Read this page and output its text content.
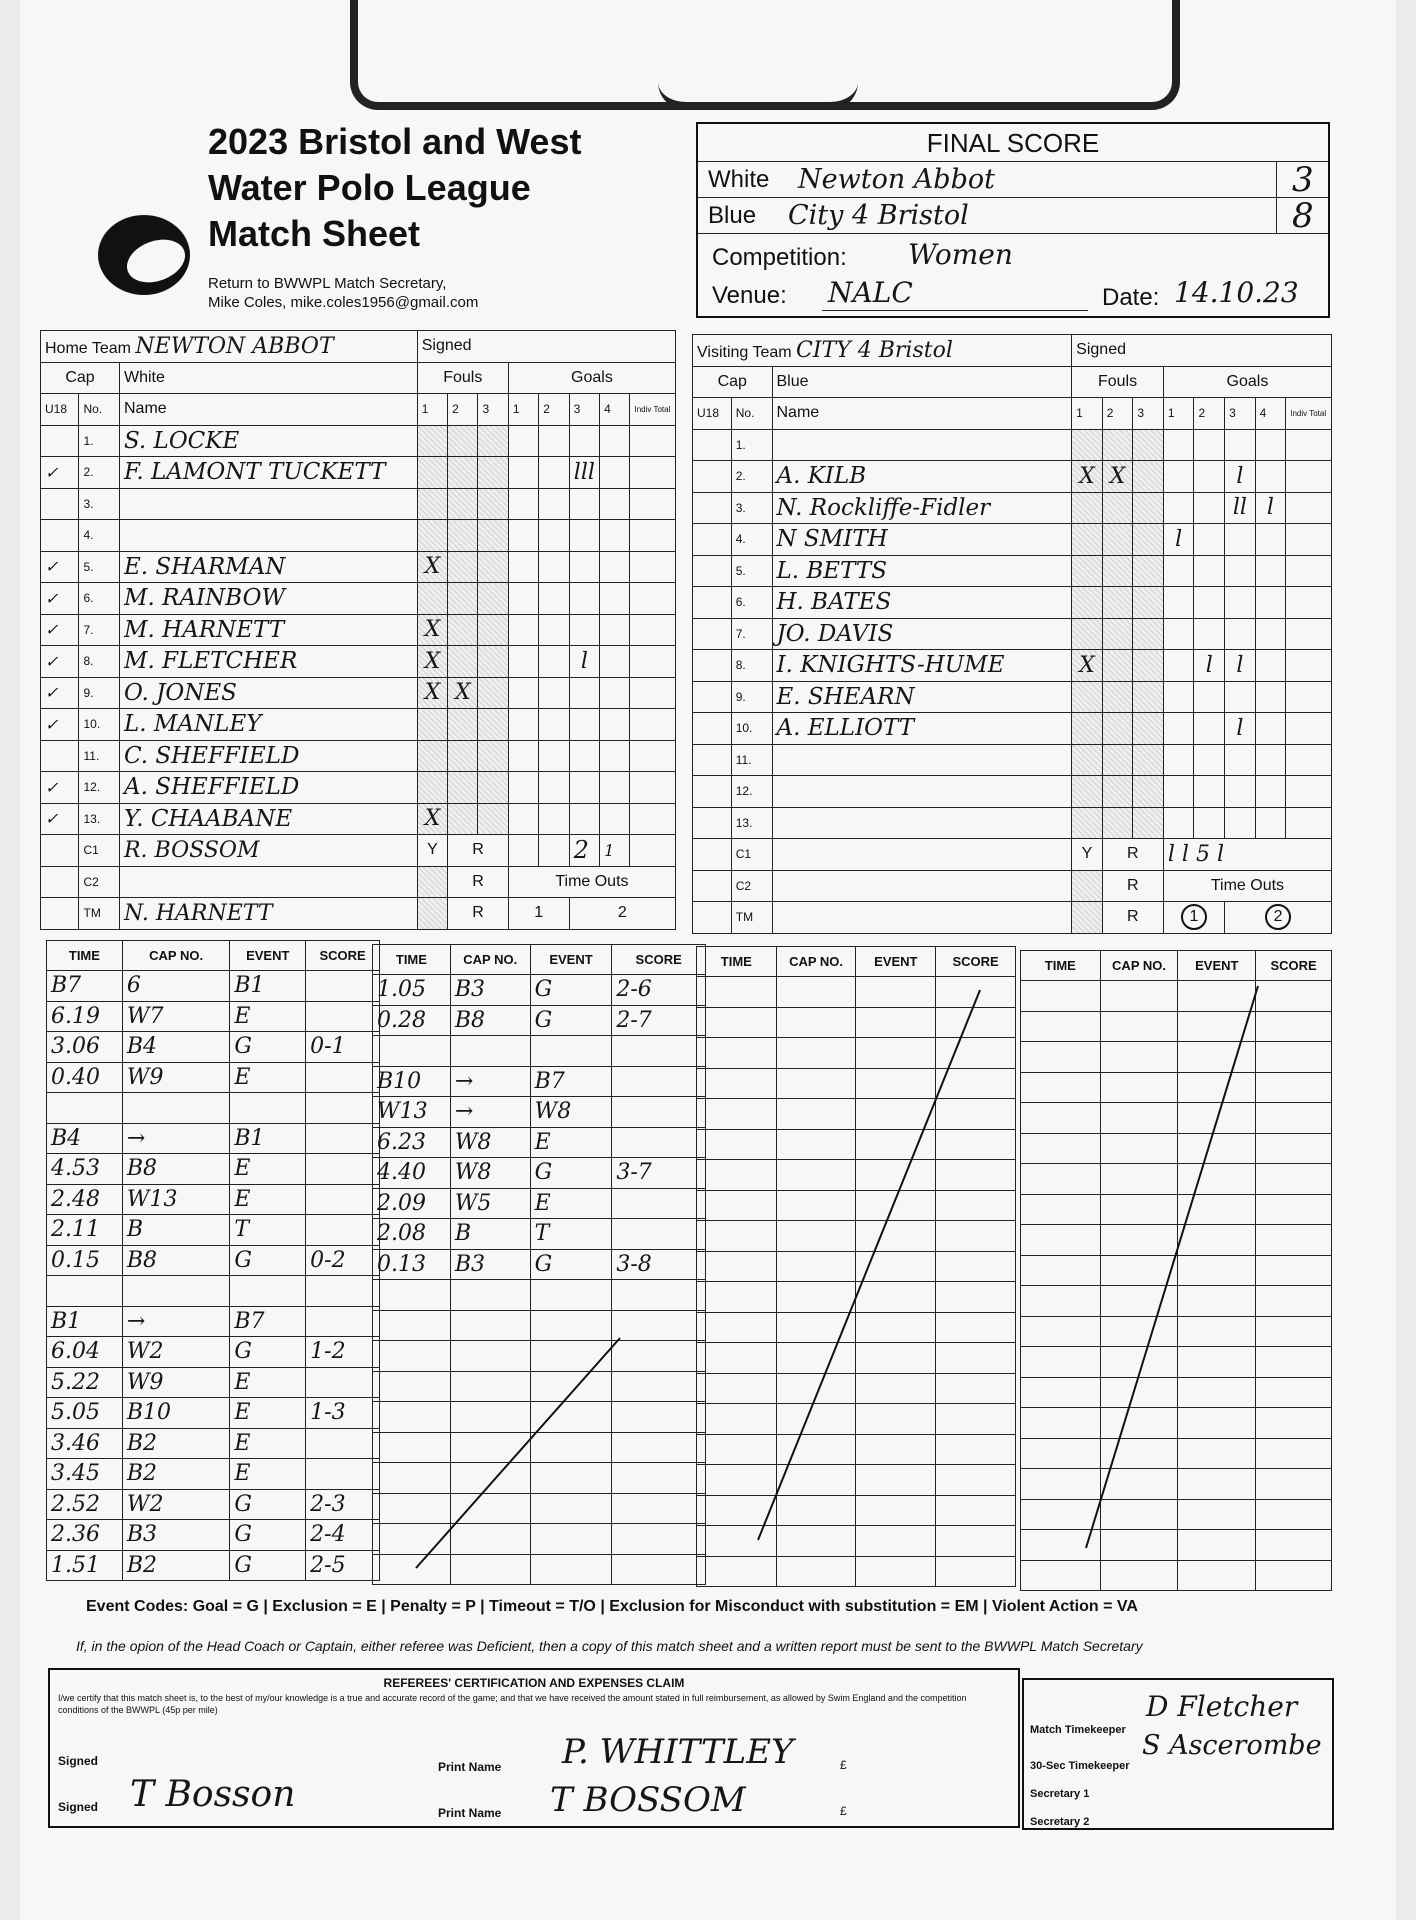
2023 Bristol and West
Water Polo League
Match Sheet
Return to BWWPL Match Secretary,
Mike Coles, mike.coles1956@gmail.com
FINAL SCORE
White Newton Abbot	3
Blue City 4 Bristol	8
Competition: Women
Venue: NALC	Date: 14.10.23
Home Team NEWTON ABBOT			Signed							
Cap		White	Fouls			Goals				
U18	No.	Name	1	2	3	1	2	3	4	Indiv Total
	1.	S. LOCKE								
✓	2.	F. LAMONT TUCKETT						lll		
	3.									
	4.									
✓	5.	E. SHARMAN	X							
✓	6.	M. RAINBOW								
✓	7.	M. HARNETT	X							
✓	8.	M. FLETCHER	X					l		
✓	9.	O. JONES	X	X						
✓	10.	L. MANLEY								
	11.	C. SHEFFIELD								
✓	12.	A. SHEFFIELD								
✓	13.	Y. CHAABANE	X							
	C1	R. BOSSOM	Y	R				2	1	
	C2			R		Time Outs				
	TM	N. HARNETT		R		1		2		
Visiting Team CITY 4 Bristol			Signed							
Cap		Blue	Fouls			Goals				
U18	No.	Name	1	2	3	1	2	3	4	Indiv Total
	1.									
	2.	A. KILB	X	X				l		
	3.	N. Rockliffe-Fidler						ll	l	
	4.	N SMITH				l				
	5.	L. BETTS								
	6.	H. BATES								
	7.	JO. DAVIS								
	8.	I. KNIGHTS-HUME	X				l	l		
	9.	E. SHEARN								
	10.	A. ELLIOTT						l		
	11.									
	12.									
	13.									
	C1		Y	R		l l 5 l				
	C2			R		Time Outs				
	TM			R		1		2		
TIME	CAP NO.	EVENT	SCORE
B7	6	B1	
6.19	W7	E	
3.06	B4	G	0-1
0.40	W9	E	

B4	→	B1	
4.53	B8	E	
2.48	W13	E	
2.11	B	T	
0.15	B8	G	0-2

B1	→	B7	
6.04	W2	G	1-2
5.22	W9	E	
5.05	B10	E	1-3
3.46	B2	E	
3.45	B2	E	
2.52	W2	G	2-3
2.36	B3	G	2-4
1.51	B2	G	2-5
TIME	CAP NO.	EVENT	SCORE
1.05	B3	G	2-6
0.28	B8	G	2-7

B10	→	B7	
W13	→	W8	
6.23	W8	E	
4.40	W8	G	3-7
2.09	W5	E	
2.08	B	T	
0.13	B3	G	3-8

TIME	CAP NO.	EVENT	SCORE

				TIME	CAP NO.	EVENT	SCORE

Event Codes: Goal = G | Exclusion = E | Penalty = P | Timeout = T/O | Exclusion for Misconduct with substitution = EM | Violent Action = VA
If, in the opion of the Head Coach or Captain, either referee was Deficient, then a copy of this match sheet and a written report must be sent to the BWWPL Match Secretary
REFEREES' CERTIFICATION AND EXPENSES CLAIM
I/we certify that this match sheet is, to the best of my/our knowledge is a true and accurate record of the game; and that we have received the amount stated in full reimbursement, as allowed by Swim England and the competition conditions of the BWWPL (45p per mile)
Signed	Print Name P. WHITTLEY	£
Signed T Bosson	Print Name T BOSSOM	£
Match Timekeeper
D Fletcher
30-Sec Timekeeper
S Ascerombe
Secretary 1
Secretary 2
